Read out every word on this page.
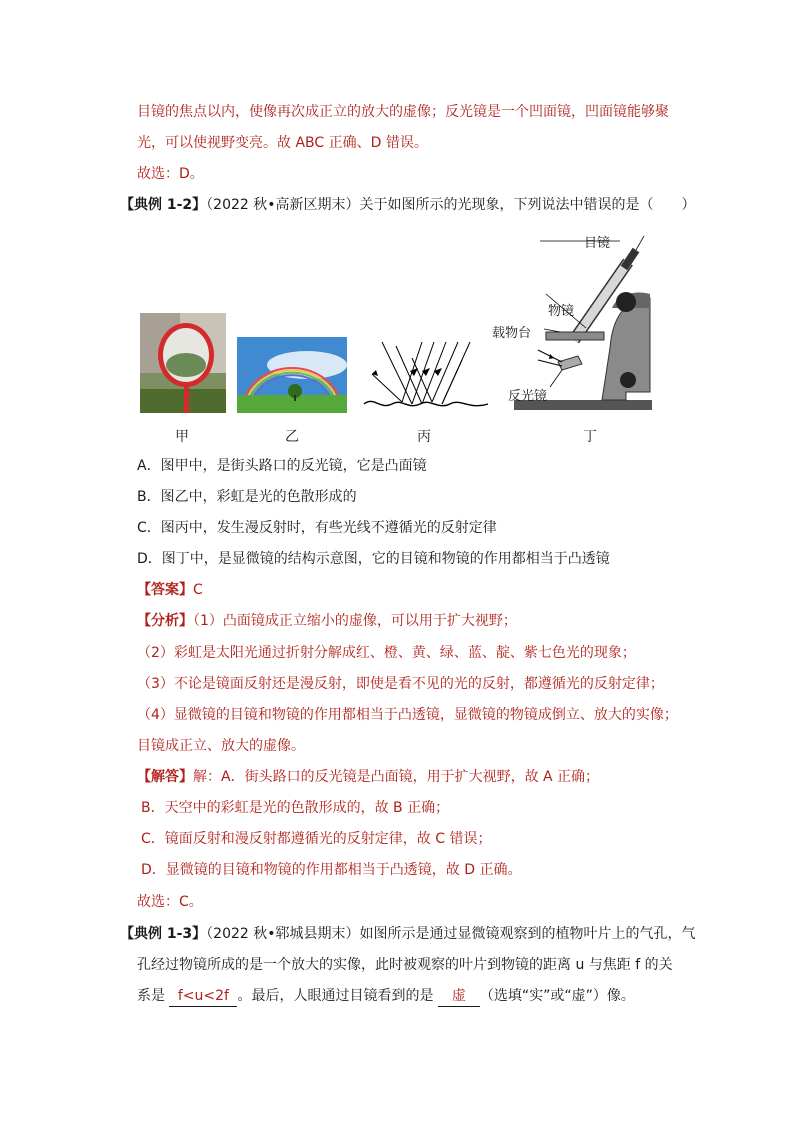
目镜的焦点以内，使像再次成正立的放大的虚像；反光镜是一个凹面镜，凹面镜能够聚
光，可以使视野变亮。故 ABC 正确、D 错误。
故选：D。
【典例 1-2】（2022 秋•高新区期末）关于如图所示的光现象，下列说法中错误的是（　　）
目镜
物镜
载物台
反光镜
甲	乙	丙	丁
A．图甲中，是街头路口的反光镜，它是凸面镜
B．图乙中，彩虹是光的色散形成的
C．图丙中，发生漫反射时，有些光线不遵循光的反射定律
D．图丁中，是显微镜的结构示意图，它的目镜和物镜的作用都相当于凸透镜
【答案】C
【分析】（1）凸面镜成正立缩小的虚像，可以用于扩大视野；
（2）彩虹是太阳光通过折射分解成红、橙、黄、绿、蓝、靛、紫七色光的现象；
（3）不论是镜面反射还是漫反射，即使是看不见的光的反射，都遵循光的反射定律；
（4）显微镜的目镜和物镜的作用都相当于凸透镜，显微镜的物镜成倒立、放大的实像；
目镜成正立、放大的虚像。
【解答】解：A．街头路口的反光镜是凸面镜，用于扩大视野，故 A 正确；
B．天空中的彩虹是光的色散形成的，故 B 正确；
C．镜面反射和漫反射都遵循光的反射定律，故 C 错误；
D．显微镜的目镜和物镜的作用都相当于凸透镜，故 D 正确。
故选：C。
【典例 1-3】（2022 秋•郓城县期末）如图所示是通过显微镜观察到的植物叶片上的气孔，气
孔经过物镜所成的是一个放大的实像，此时被观察的叶片到物镜的距离 u 与焦距 f 的关
系是 f<u<2f 。最后，人眼通过目镜看到的是 虚 （选填“实”或“虚”）像。
